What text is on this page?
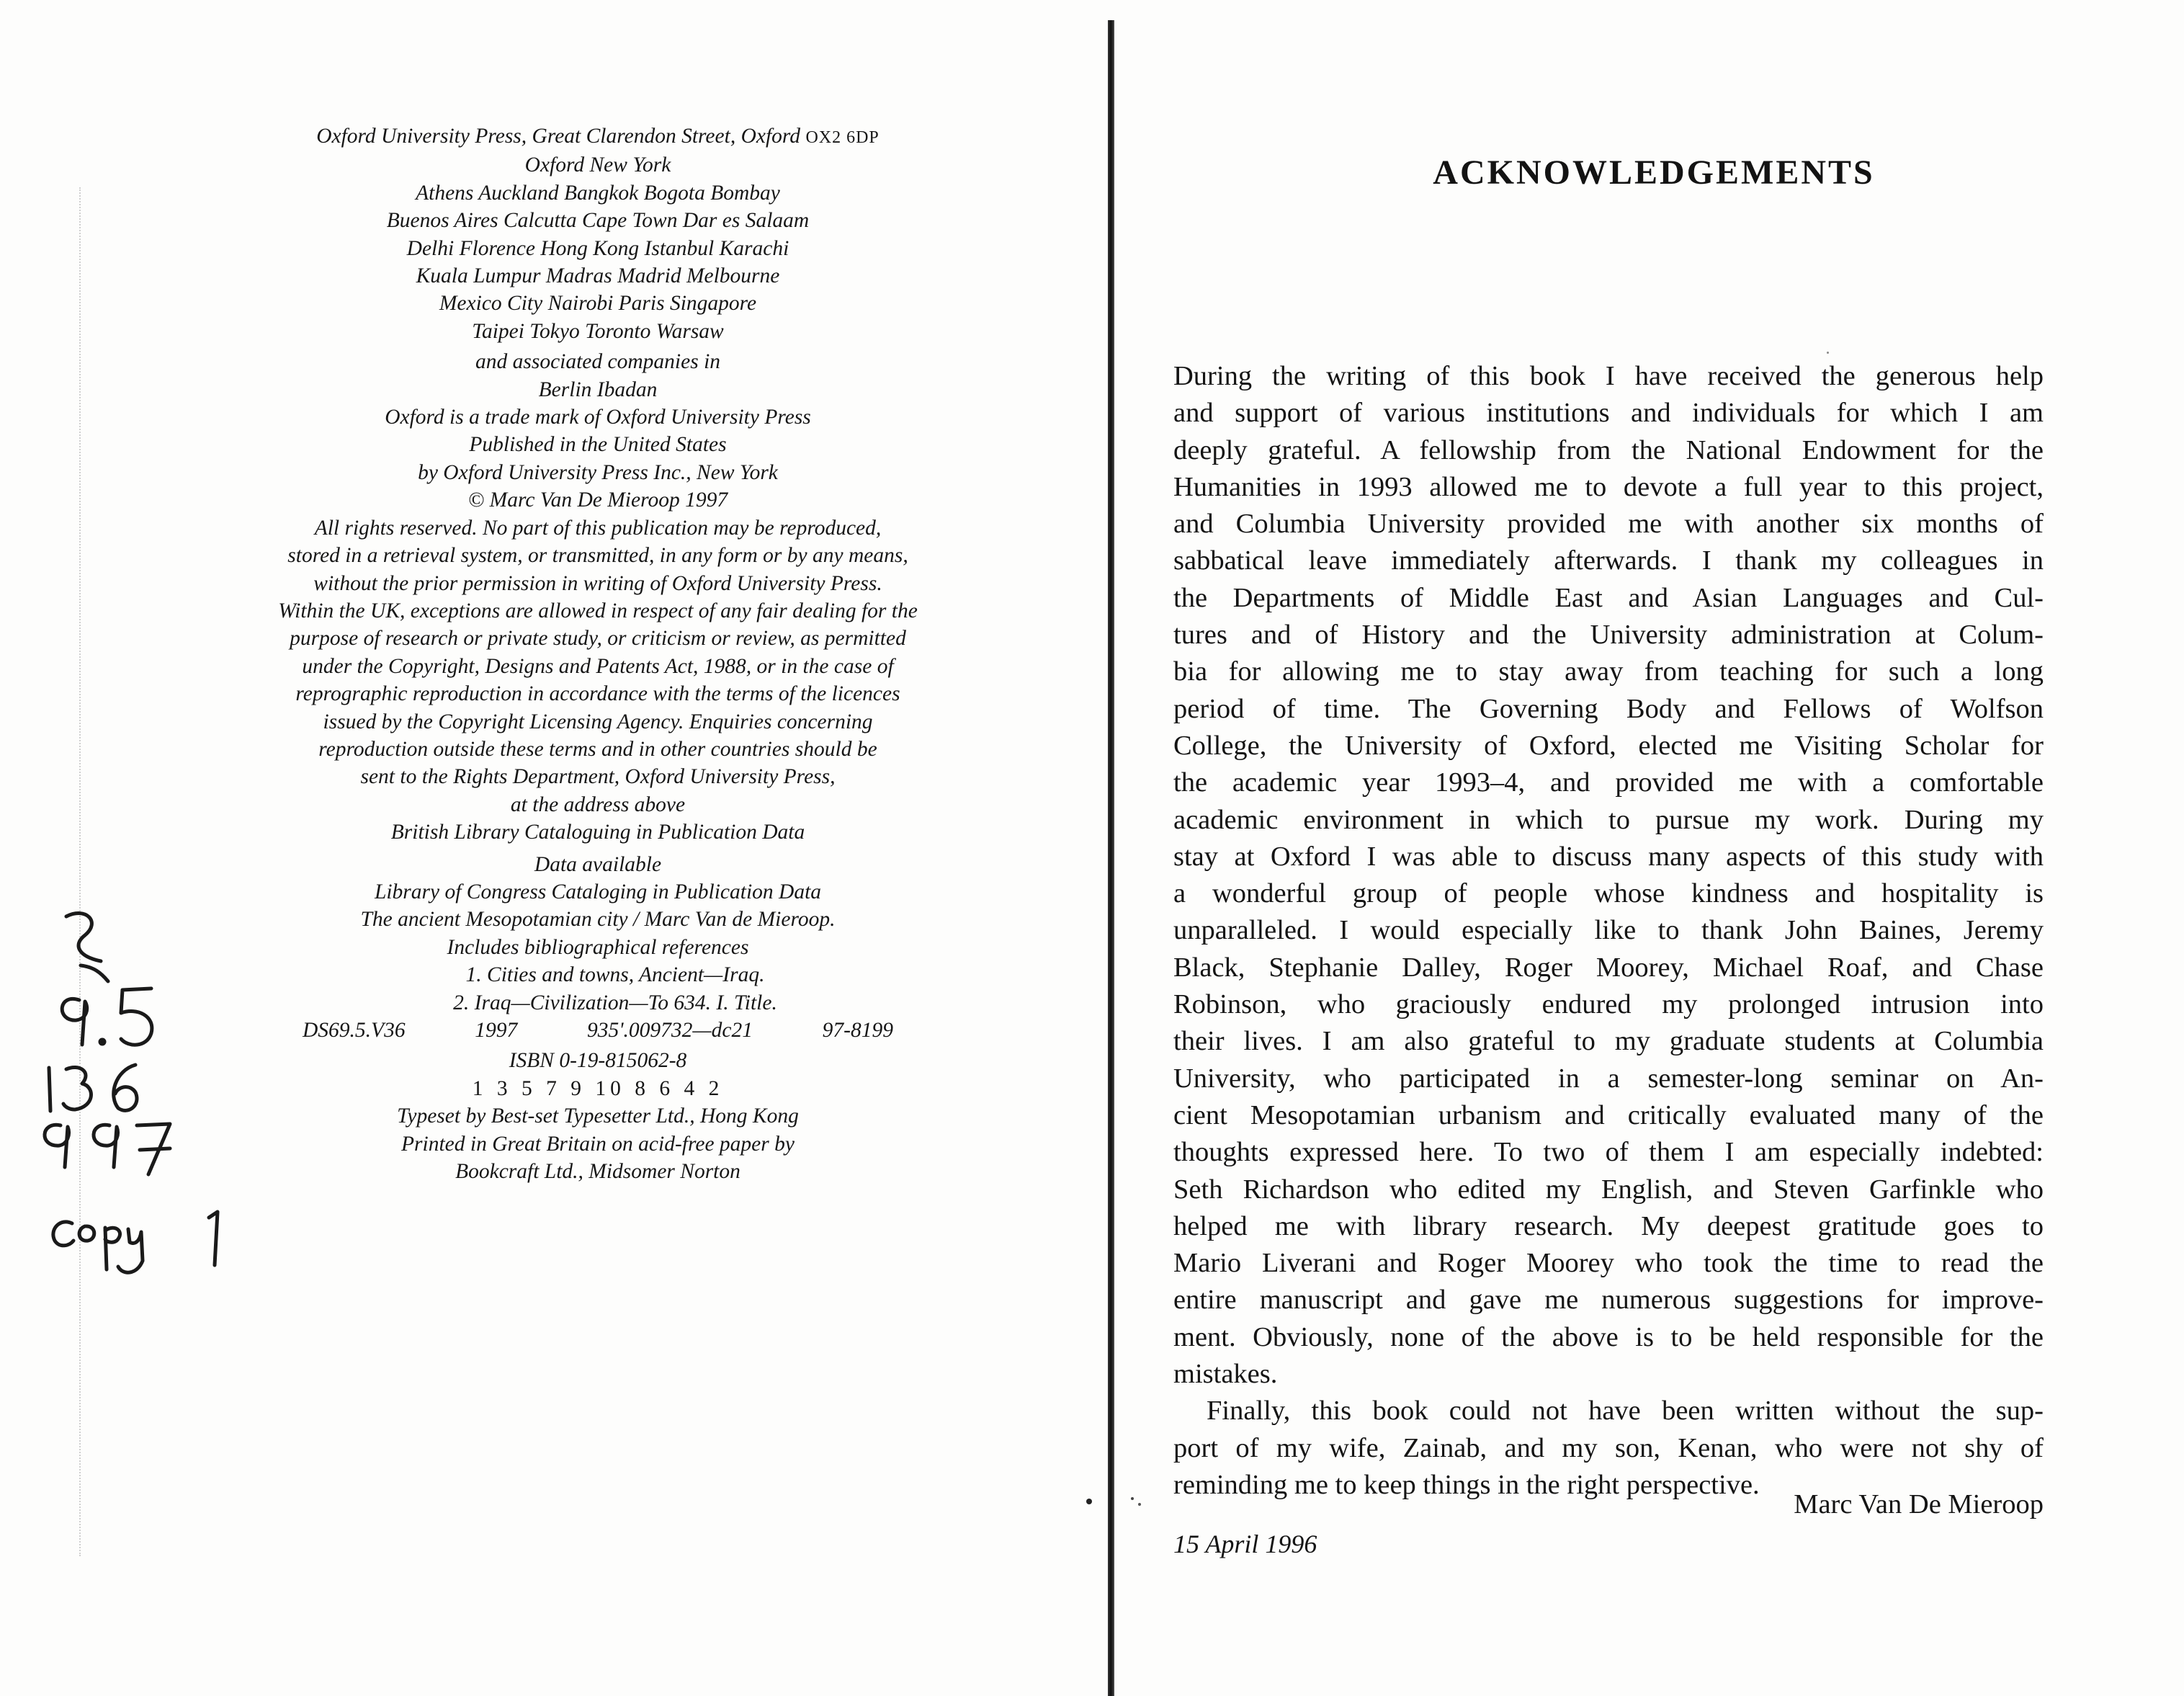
Oxford University Press, Great Clarendon Street, Oxford OX2 6DP
Oxford New York
Athens Auckland Bangkok Bogota Bombay
Buenos Aires Calcutta Cape Town Dar es Salaam
Delhi Florence Hong Kong Istanbul Karachi
Kuala Lumpur Madras Madrid Melbourne
Mexico City Nairobi Paris Singapore
Taipei Tokyo Toronto Warsaw
and associated companies in
Berlin Ibadan
Oxford is a trade mark of Oxford University Press
Published in the United States
by Oxford University Press Inc., New York
© Marc Van De Mieroop 1997
All rights reserved. No part of this publication may be reproduced,
stored in a retrieval system, or transmitted, in any form or by any means,
without the prior permission in writing of Oxford University Press.
Within the UK, exceptions are allowed in respect of any fair dealing for the
purpose of research or private study, or criticism or review, as permitted
under the Copyright, Designs and Patents Act, 1988, or in the case of
reprographic reproduction in accordance with the terms of the licences
issued by the Copyright Licensing Agency. Enquiries concerning
reproduction outside these terms and in other countries should be
sent to the Rights Department, Oxford University Press,
at the address above
British Library Cataloguing in Publication Data
Data available
Library of Congress Cataloging in Publication Data
The ancient Mesopotamian city / Marc Van de Mieroop.
Includes bibliographical references
1. Cities and towns, Ancient—Iraq.
2. Iraq—Civilization—To 634. I. Title.
DS69.5.V36	1997	935'.009732—dc21	97-8199
ISBN 0-19-815062-8
1 3 5 7 9 10 8 6 4 2
Typeset by Best-set Typesetter Ltd., Hong Kong
Printed in Great Britain on acid-free paper by
Bookcraft Ltd., Midsomer Norton
ACKNOWLEDGEMENTS

During the writing of this book I have received the generous help
and support of various institutions and individuals for which I am
deeply grateful. A fellowship from the National Endowment for the
Humanities in 1993 allowed me to devote a full year to this project,
and Columbia University provided me with another six months of
sabbatical leave immediately afterwards. I thank my colleagues in
the Departments of Middle East and Asian Languages and Cul-
tures and of History and the University administration at Colum-
bia for allowing me to stay away from teaching for such a long
period of time. The Governing Body and Fellows of Wolfson
College, the University of Oxford, elected me Visiting Scholar for
the academic year 1993–4, and provided me with a comfortable
academic environment in which to pursue my work. During my
stay at Oxford I was able to discuss many aspects of this study with
a wonderful group of people whose kindness and hospitality is
unparalleled. I would especially like to thank John Baines, Jeremy
Black, Stephanie Dalley, Roger Moorey, Michael Roaf, and Chase
Robinson, who graciously endured my prolonged intrusion into
their lives. I am also grateful to my graduate students at Columbia
University, who participated in a semester-long seminar on An-
cient Mesopotamian urbanism and critically evaluated many of the
thoughts expressed here. To two of them I am especially indebted:
Seth Richardson who edited my English, and Steven Garfinkle who
helped me with library research. My deepest gratitude goes to
Mario Liverani and Roger Moorey who took the time to read the
entire manuscript and gave me numerous suggestions for improve-
ment. Obviously, none of the above is to be held responsible for the
mistakes.

Finally, this book could not have been written without the sup-
port of my wife, Zainab, and my son, Kenan, who were not shy of
reminding me to keep things in the right perspective.

Marc Van De Mieroop
15 April 1996
